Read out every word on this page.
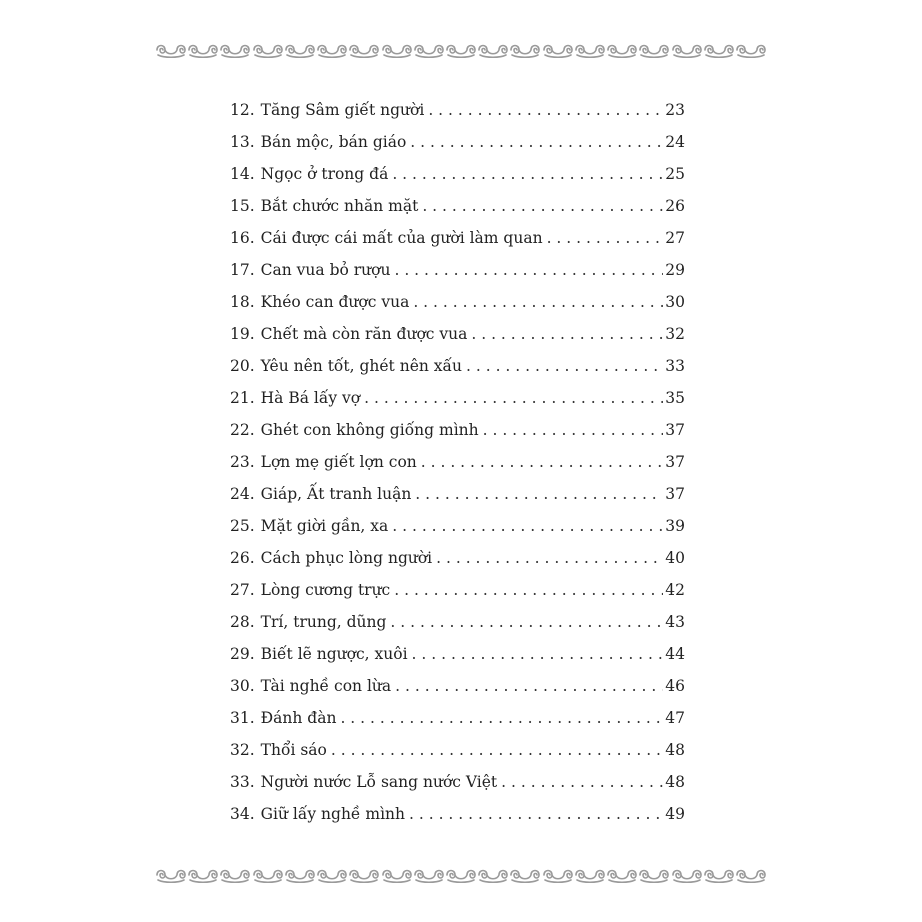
12. Tăng Sâm giết người . . .	23
13. Bán mộc, bán giáo . . .	24
14. Ngọc ở trong đá . . .	25
15. Bắt chước nhăn mặt . . .	26
16. Cái được cái mất của gười làm quan . . .	27
17. Can vua bỏ rượu . . .	29
18. Khéo can được vua . . .	30
19. Chết mà còn răn được vua . . .	32
20. Yêu nên tốt, ghét nên xấu . . .	33
21. Hà Bá lấy vợ . . .	35
22. Ghét con không giống mình . . .	37
23. Lợn mẹ giết lợn con . . .	37
24. Giáp, Ất tranh luận . . .	37
25. Mặt giời gần, xa . . .	39
26. Cách phục lòng người . . .	40
27. Lòng cương trực . . .	42
28. Trí, trung, dũng . . .	43
29. Biết lẽ ngược, xuôi . . .	44
30. Tài nghề con lừa . . .	46
31. Đánh đàn . . .	47
32. Thổi sáo . . .	48
33. Người nước Lỗ sang nước Việt . . .	48
34. Giữ lấy nghề mình . . .	49
